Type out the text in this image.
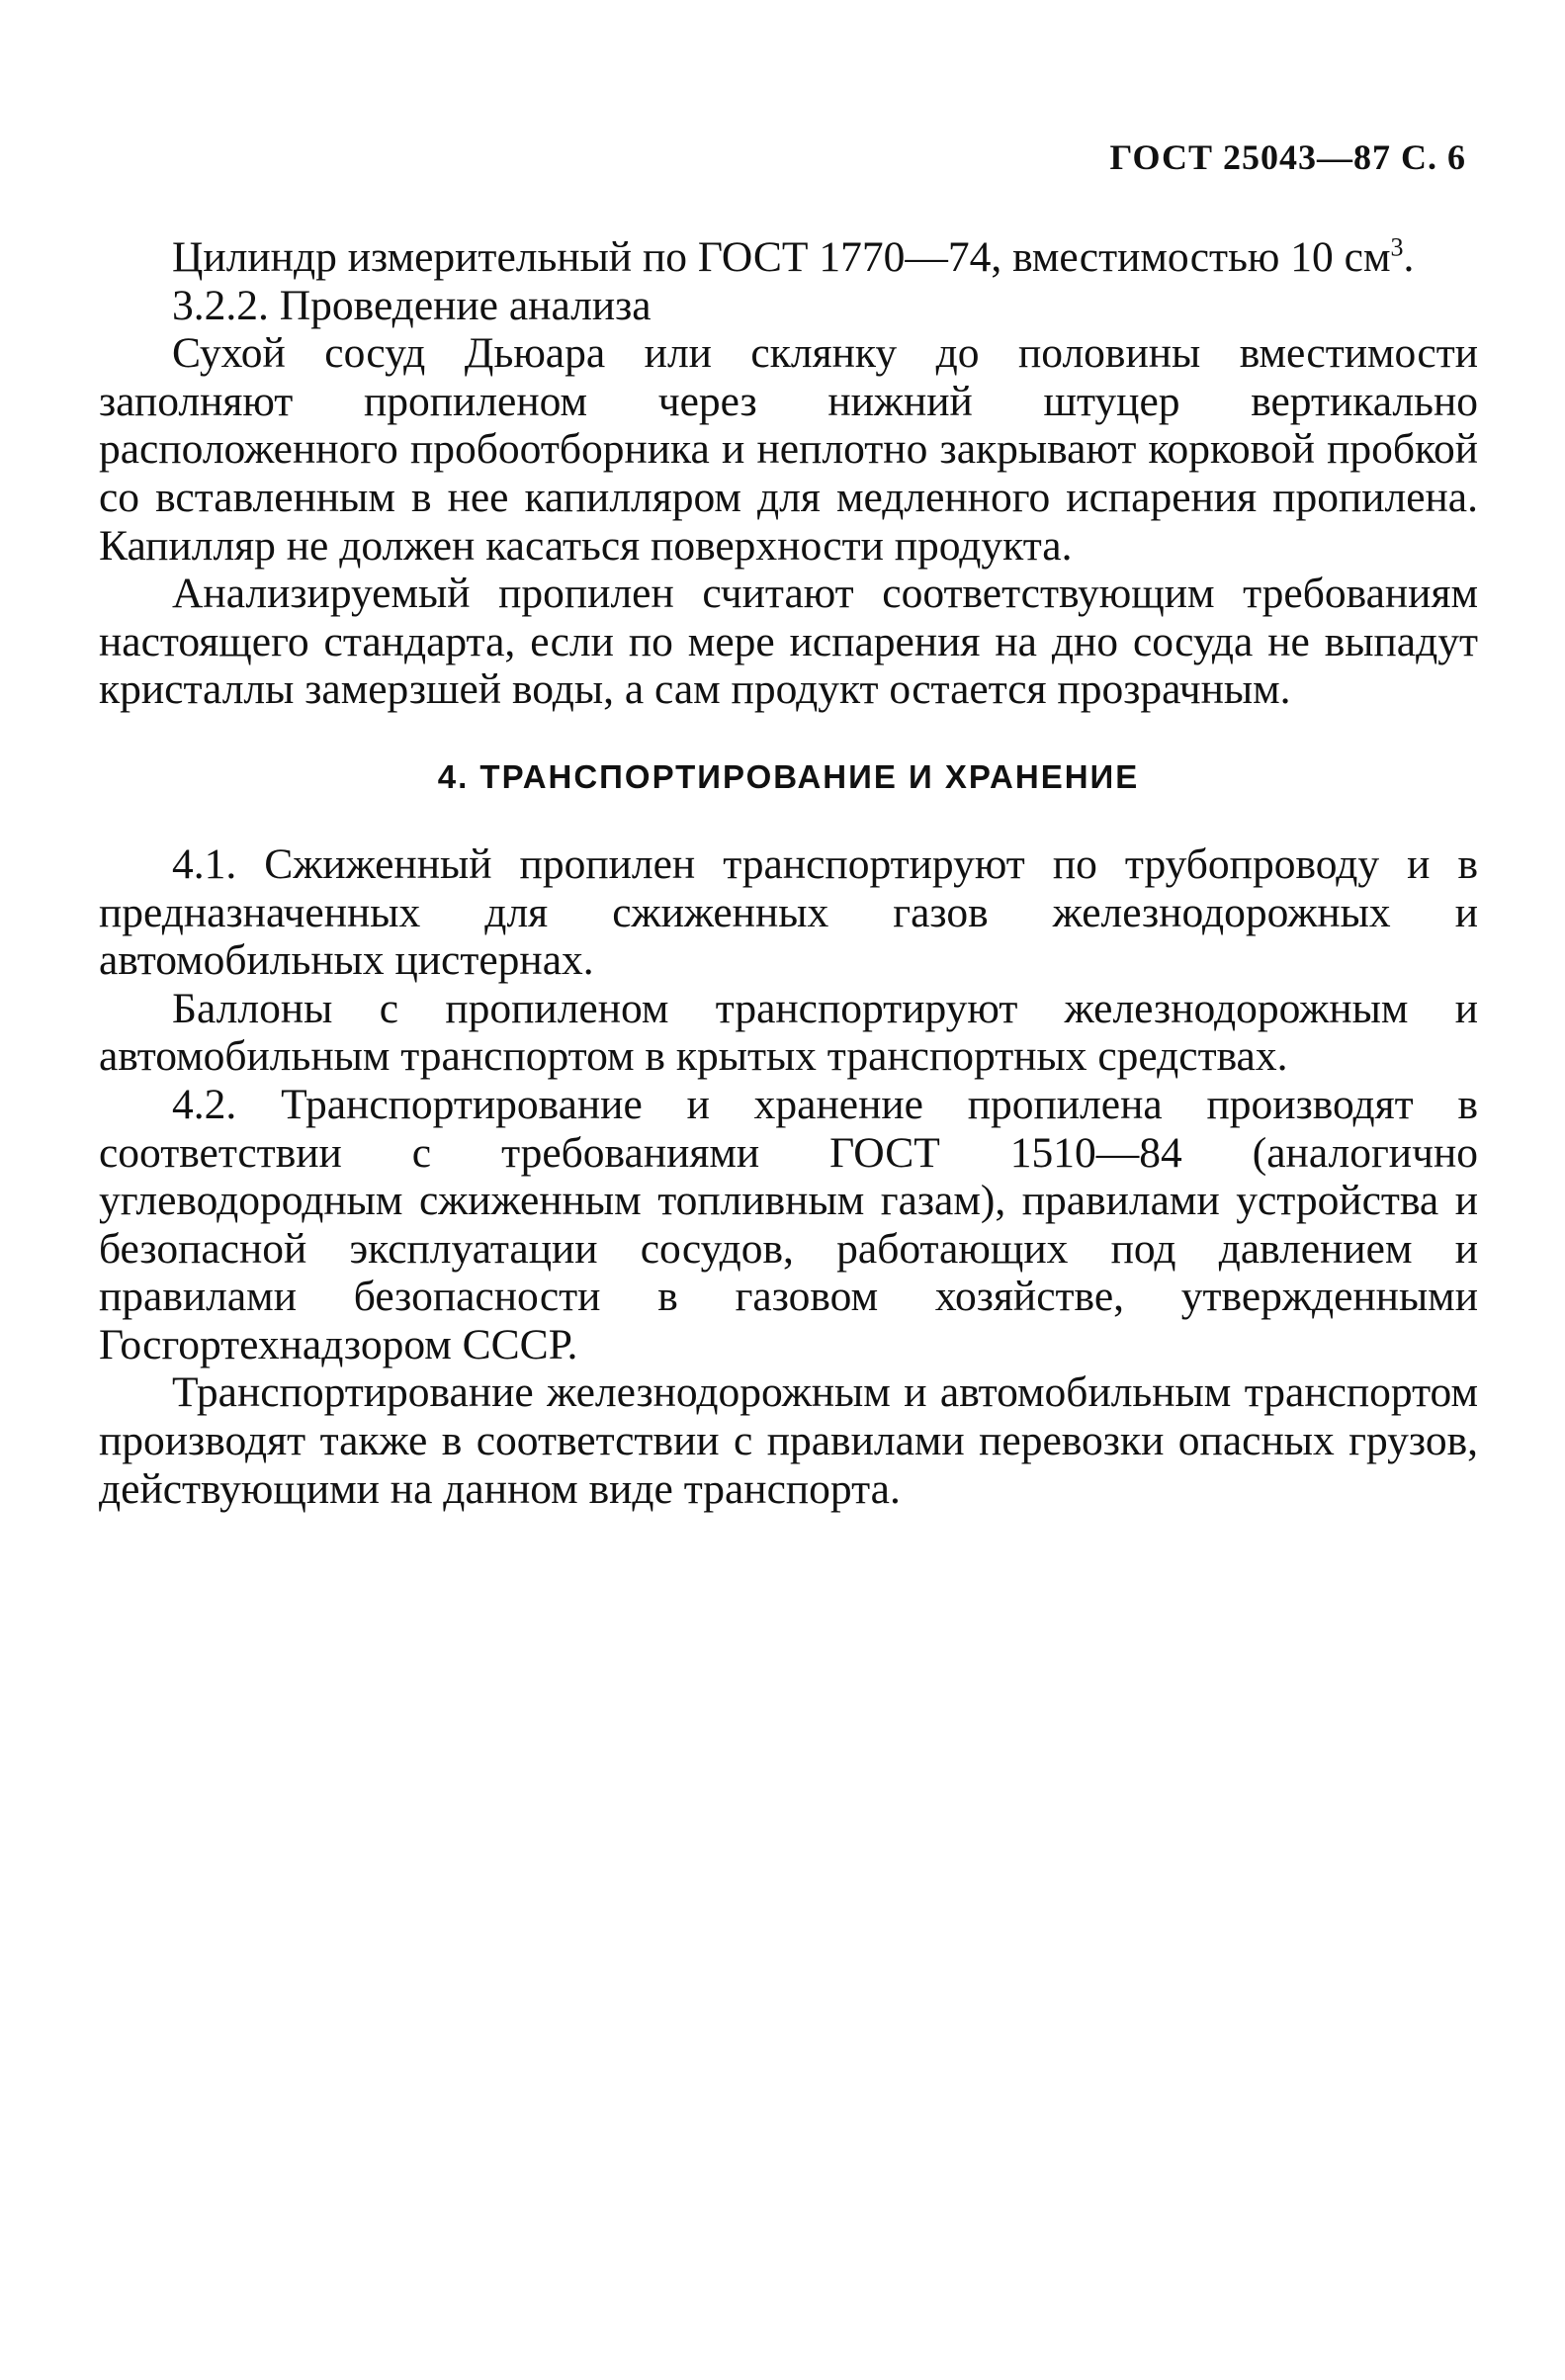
ГОСТ 25043—87 С. 6

Цилиндр измерительный по ГОСТ 1770—74, вместимостью 10 $см^3$.

3.2.2. Проведение анализа

Сухой сосуд Дьюара или склянку до половины вместимости заполняют пропиленом через нижний штуцер вертикально расположенного пробоотборника и неплотно закрывают корковой пробкой со вставленным в нее капилляром для медленного испарения пропилена. Капилляр не должен касаться поверхности продукта.

Анализируемый пропилен считают соответствующим требованиям настоящего стандарта, если по мере испарения на дно сосуда не выпадут кристаллы замерзшей воды, а сам продукт остается прозрачным.

4. ТРАНСПОРТИРОВАНИЕ И ХРАНЕНИЕ

4.1. Сжиженный пропилен транспортируют по трубопроводу и в предназначенных для сжиженных газов железнодорожных и автомобильных цистернах.

Баллоны с пропиленом транспортируют железнодорожным и автомобильным транспортом в крытых транспортных средствах.

4.2. Транспортирование и хранение пропилена производят в соответствии с требованиями ГОСТ 1510—84 (аналогично углеводородным сжиженным топливным газам), правилами устройства и безопасной эксплуатации сосудов, работающих под давлением и правилами безопасности в газовом хозяйстве, утвержденными Госгортехнадзором СССР.

Транспортирование железнодорожным и автомобильным транспортом производят также в соответствии с правилами перевозки опасных грузов, действующими на данном виде транспорта.
